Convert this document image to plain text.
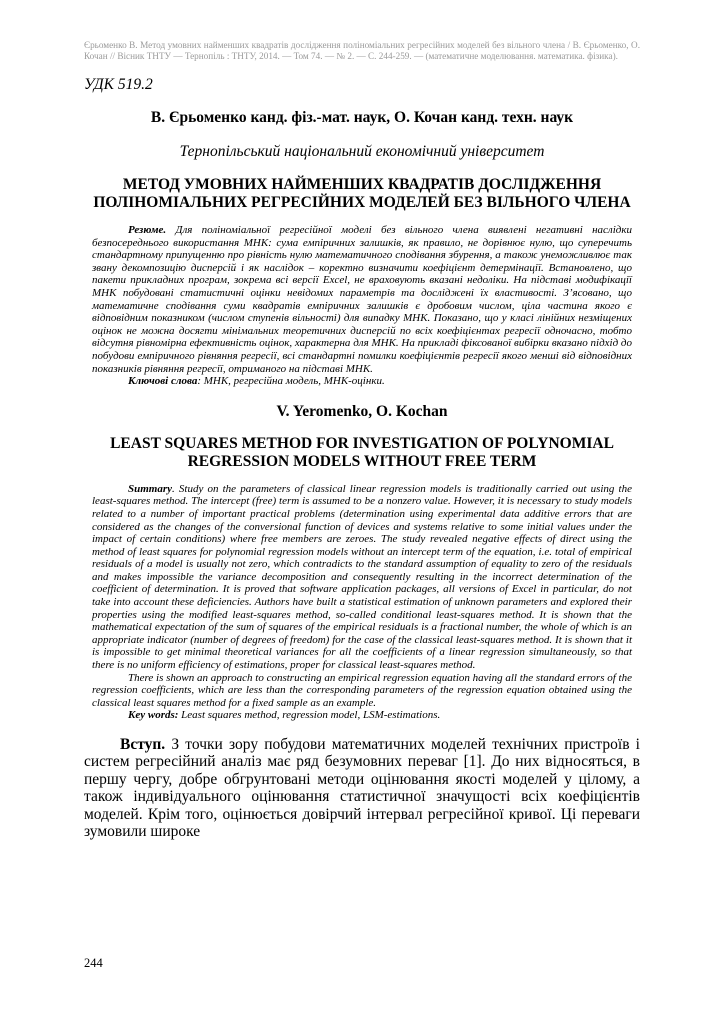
Єрьоменко В. Метод умовних найменших квадратів дослідження поліноміальних регресійних моделей без вільного члена / В. Єрьоменко, О. Кочан // Вісник ТНТУ — Тернопіль : ТНТУ, 2014. — Том 74. — № 2. — С. 244-259. — (математичне моделювання. математика. фізика).
УДК 519.2
В. Єрьоменко канд. фіз.-мат. наук, О. Кочан канд. техн. наук
Тернопільський національний економічний університет
МЕТОД УМОВНИХ НАЙМЕНШИХ КВАДРАТІВ ДОСЛІДЖЕННЯ ПОЛІНОМІАЛЬНИХ РЕГРЕСІЙНИХ МОДЕЛЕЙ БЕЗ ВІЛЬНОГО ЧЛЕНА
Резюме. Для поліноміальної регресійної моделі без вільного члена виявлені негативні наслідки безпосереднього використання МНК: сума емпіричних залишків, як правило, не дорівнює нулю, що суперечить стандартному припущенню про рівність нулю математичного сподівання збурення, а також унеможливлює так звану декомпозицію дисперсій і як наслідок – коректно визначити коефіцієнт детермінації. Встановлено, що пакети прикладних програм, зокрема всі версії Excel, не враховують вказані недоліки. На підставі модифікації МНК побудовані статистичні оцінки невідомих параметрів та досліджені їх властивості. З’ясовано, що математичне сподівання суми квадратів емпіричних залишків є дробовим числом, ціла частина якого є відповідним показником (числом ступенів вільності) для випадку МНК. Показано, що у класі лінійних незміщених оцінок не можна досягти мінімальних теоретичних дисперсій по всіх коефіцієнтах регресії одночасно, тобто відсутня рівномірна ефективність оцінок, характерна для МНК. На прикладі фіксованої вибірки вказано підхід до побудови емпіричного рівняння регресії, всі стандартні помилки коефіцієнтів регресії якого менші від відповідних показників рівняння регресії, отриманого на підставі МНК.
Ключові слова: МНК, регресійна модель, МНК-оцінки.
V. Yeromenko, O. Kochan
LEAST SQUARES METHOD FOR INVESTIGATION OF POLYNOMIAL REGRESSION MODELS WITHOUT FREE TERM
Summary. Study on the parameters of classical linear regression models is traditionally carried out using the least-squares method. The intercept (free) term is assumed to be a nonzero value. However, it is necessary to study models related to a number of important practical problems (determination using experimental data additive errors that are considered as the changes of the conversional function of devices and systems relative to some initial values under the impact of certain conditions) where free members are zeroes. The study revealed negative effects of direct using the method of least squares for polynomial regression models without an intercept term of the equation, i.e. total of empirical residuals of a model is usually not zero, which contradicts to the standard assumption of equality to zero of the residuals and makes impossible the variance decomposition and consequently resulting in the incorrect determination of the coefficient of determination. It is proved that software application packages, all versions of Excel in particular, do not take into account these deficiencies. Authors have built a statistical estimation of unknown parameters and explored their properties using the modified least-squares method, so-called conditional least-squares method. It is shown that the mathematical expectation of the sum of squares of the empirical residuals is a fractional number, the whole of which is an appropriate indicator (number of degrees of freedom) for the case of the classical least-squares method. It is shown that it is impossible to get minimal theoretical variances for all the coefficients of a linear regression simultaneously, so that there is no uniform efficiency of estimations, proper for classical least-squares method.
There is shown an approach to constructing an empirical regression equation having all the standard errors of the regression coefficients, which are less than the corresponding parameters of the regression equation obtained using the classical least squares method for a fixed sample as an example.
Key words: Least squares method, regression model, LSM-estimations.
Вступ. З точки зору побудови математичних моделей технічних пристроїв і систем регресійний аналіз має ряд безумовних переваг [1]. До них відносяться, в першу чергу, добре обгрунтовані методи оцінювання якості моделей у цілому, а також індивідуального оцінювання статистичної значущості всіх коефіцієнтів моделей. Крім того, оцінюється довірчий інтервал регресійної кривої. Ці переваги зумовили широке
244
